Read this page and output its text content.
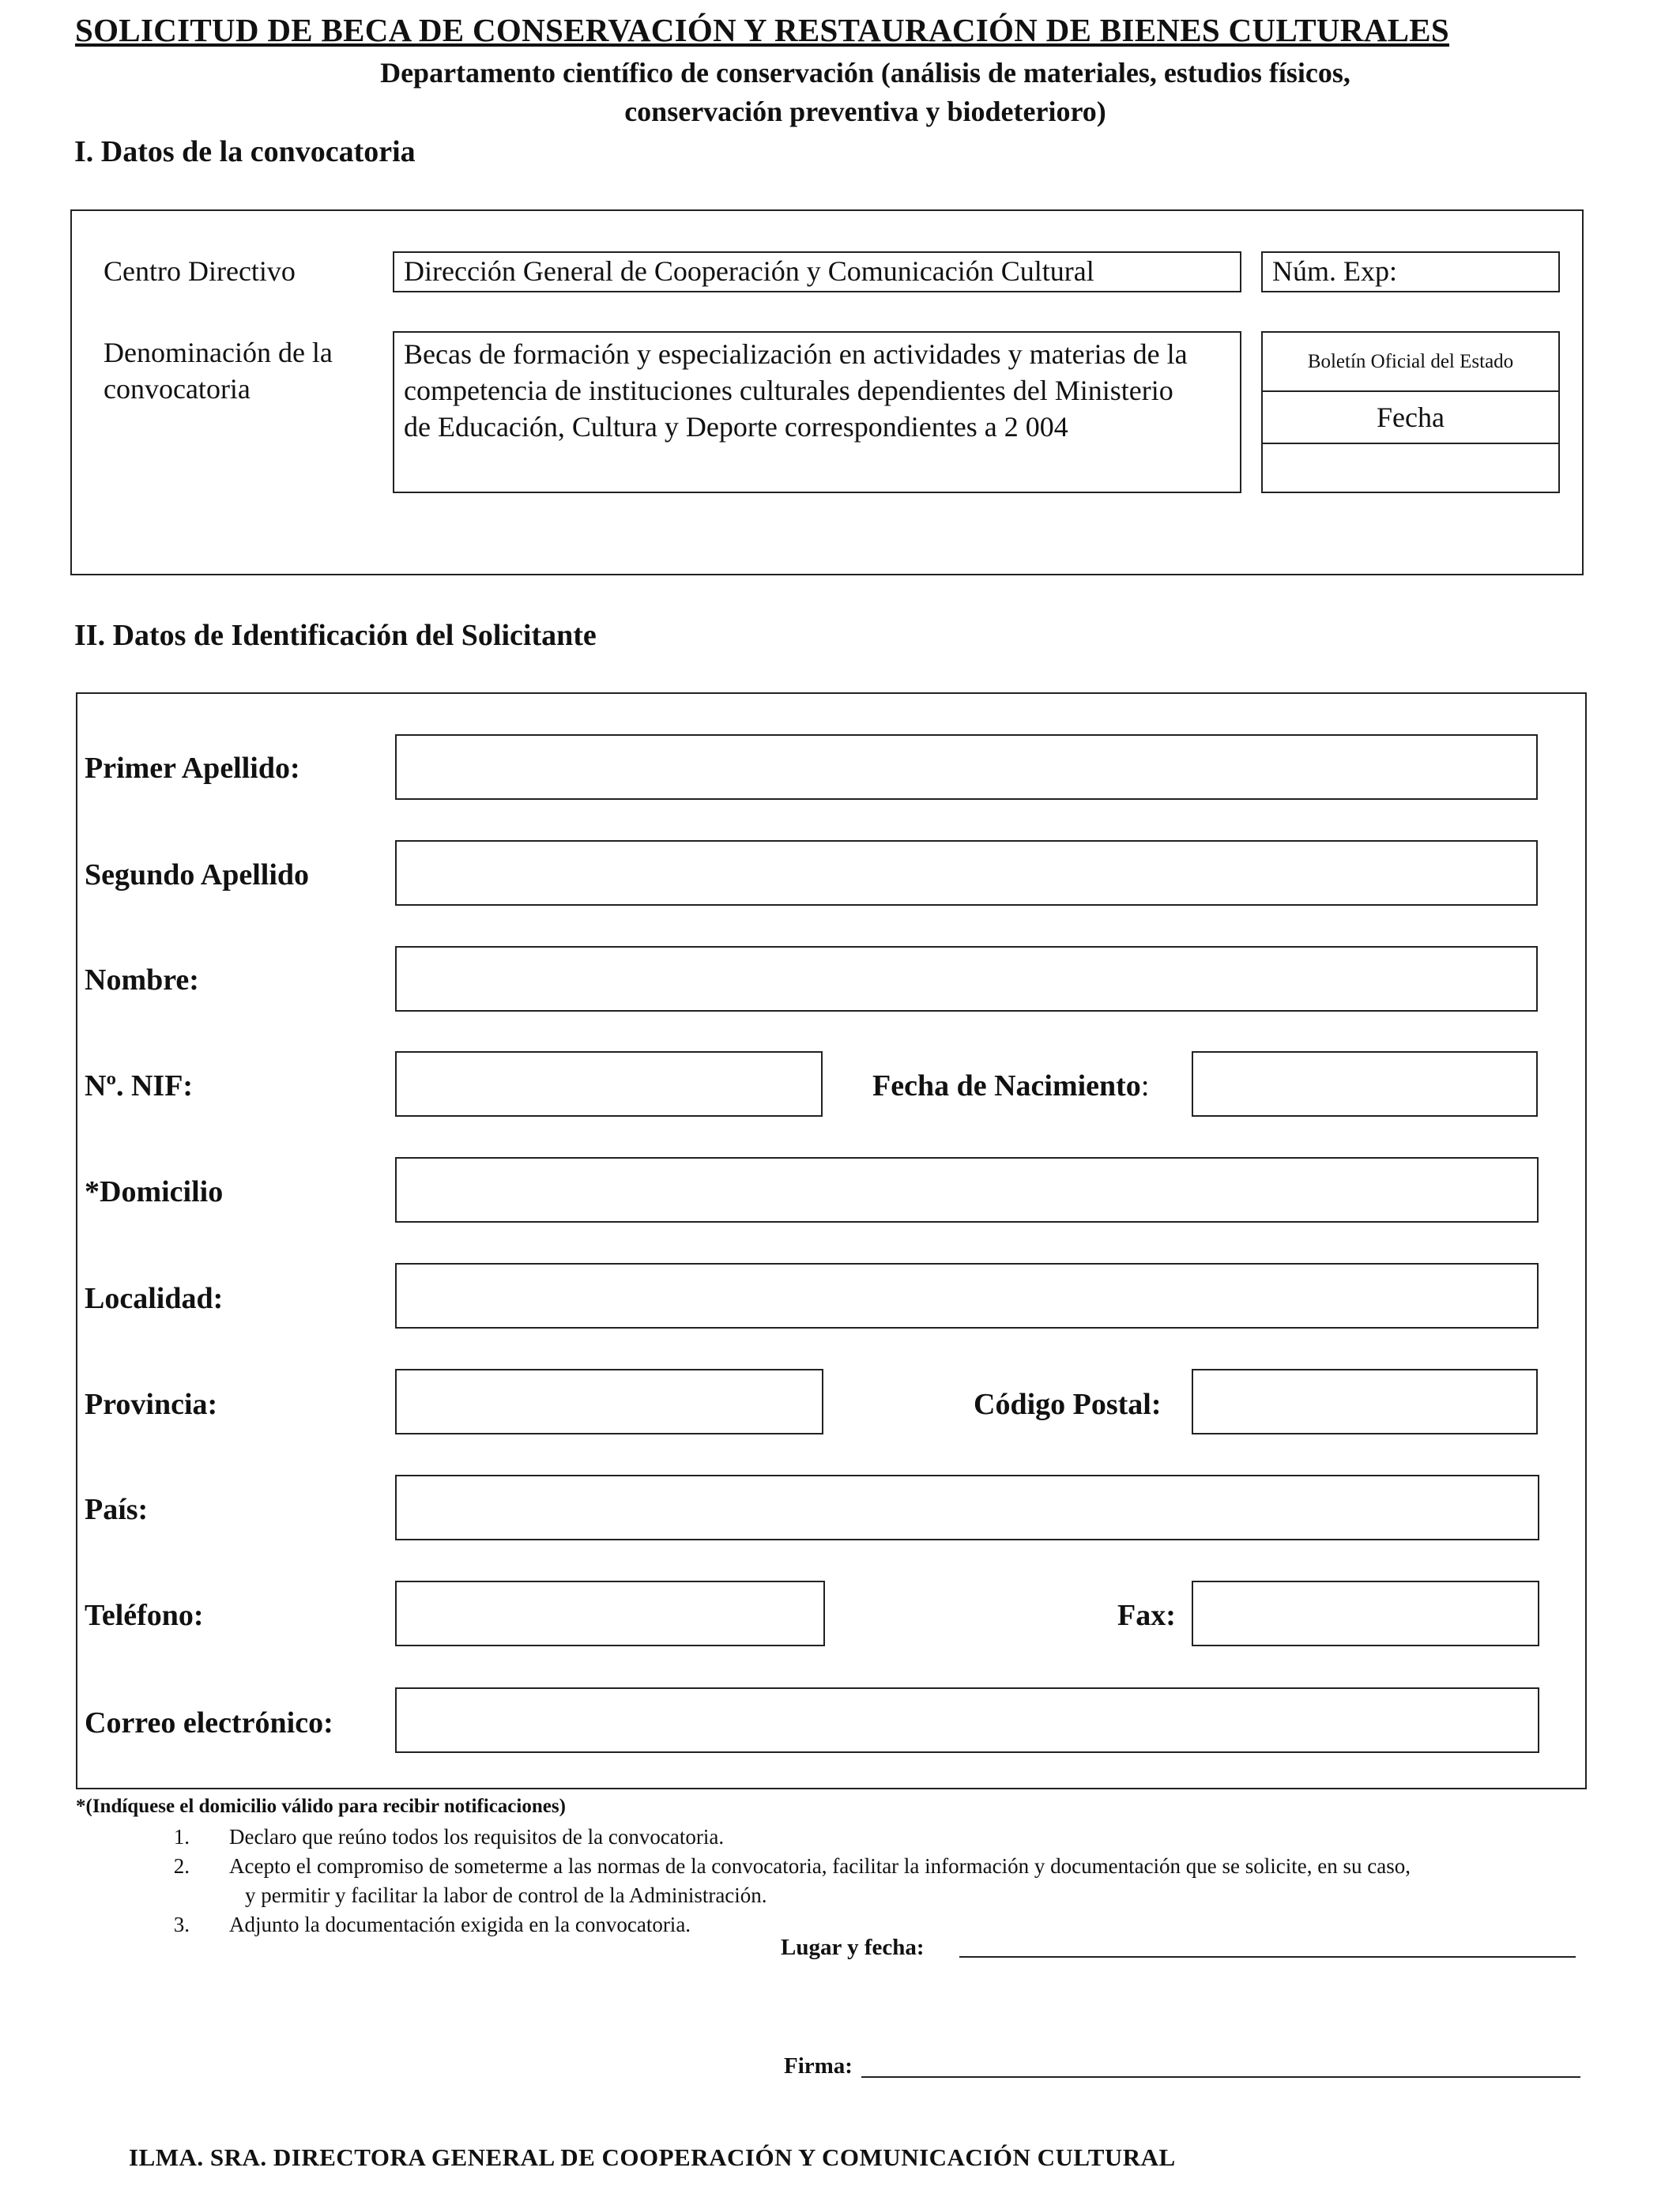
SOLICITUD DE BECA DE CONSERVACIÓN Y RESTAURACIÓN DE BIENES CULTURALES
Departamento científico de conservación (análisis de materiales, estudios físicos,
conservación preventiva y biodeterioro)
I. Datos de la convocatoria
Centro Directivo	Dirección General de Cooperación y Comunicación Cultural	Núm. Exp:
Denominación de la
convocatoria
Becas de formación y especialización en actividades y materias de la
competencia de instituciones culturales dependientes del Ministerio
de Educación, Cultura y Deporte correspondientes a 2 004
Boletín Oficial del Estado
Fecha
II. Datos de Identificación del Solicitante
Primer Apellido:
Segundo Apellido
Nombre:
Nº. NIF:	Fecha de Nacimiento:
*Domicilio
Localidad:
Provincia:	Código Postal:
País:
Teléfono:	Fax:
Correo electrónico:
*(Indíquese el domicilio válido para recibir notificaciones)
1. Declaro que reúno todos los requisitos de la convocatoria.
2. Acepto el compromiso de someterme a las normas de la convocatoria, facilitar la información y documentación que se solicite, en su caso,
y permitir y facilitar la labor de control de la Administración.
3. Adjunto la documentación exigida en la convocatoria.
Lugar y fecha:
Firma:
ILMA. SRA. DIRECTORA GENERAL DE COOPERACIÓN Y COMUNICACIÓN CULTURAL
